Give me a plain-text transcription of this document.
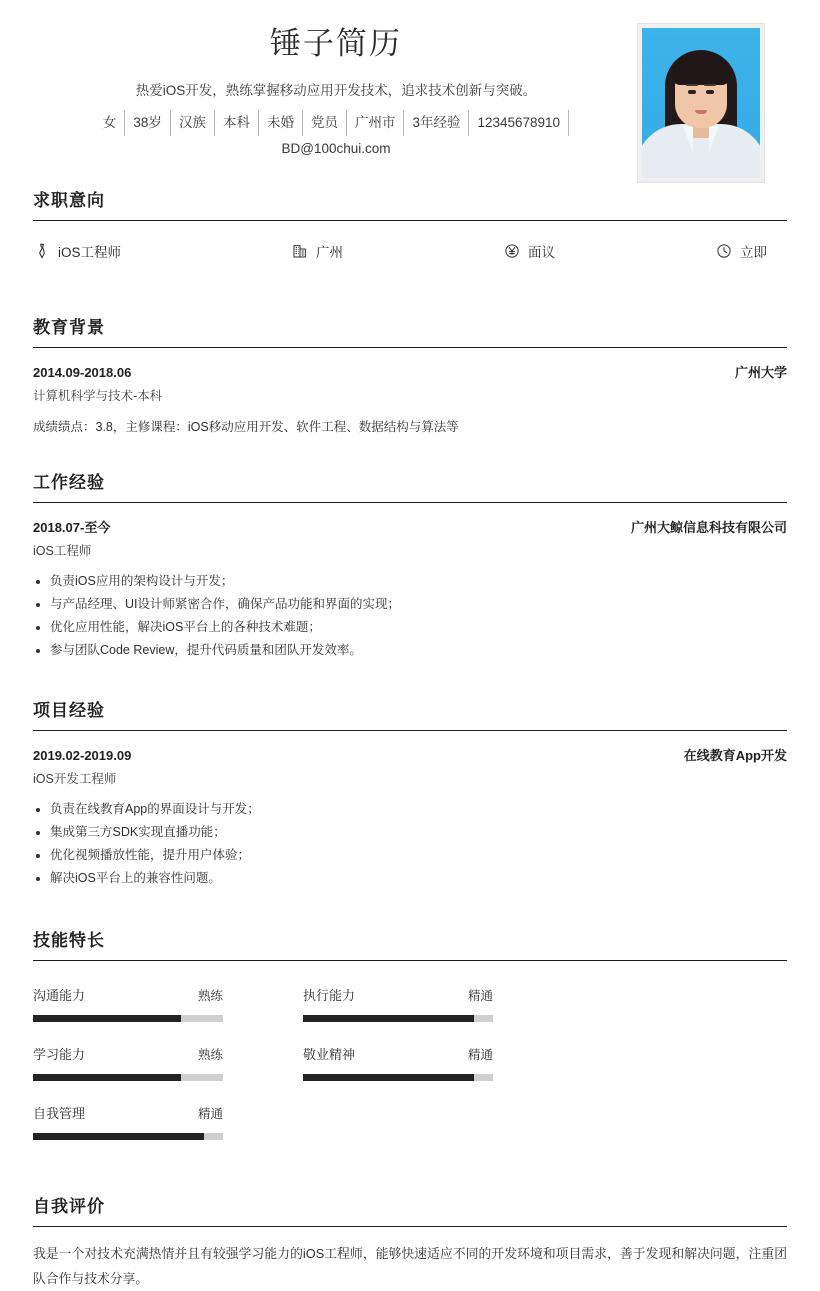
锤子简历
热爱iOS开发，熟练掌握移动应用开发技术，追求技术创新与突破。
女	38岁	汉族	本科	未婚	党员	广州市	3年经验	12345678910
BD@100chui.com
求职意向
iOS工程师	广州	面议	立即
教育背景
2014.09-2018.06	广州大学
计算机科学与技术-本科
成绩绩点：3.8，主修课程：iOS移动应用开发、软件工程、数据结构与算法等
工作经验
2018.07-至今	广州大鲸信息科技有限公司
iOS工程师
负责iOS应用的架构设计与开发；
与产品经理、UI设计师紧密合作，确保产品功能和界面的实现；
优化应用性能，解决iOS平台上的各种技术难题；
参与团队Code Review，提升代码质量和团队开发效率。
项目经验
2019.02-2019.09	在线教育App开发
iOS开发工程师
负责在线教育App的界面设计与开发；
集成第三方SDK实现直播功能；
优化视频播放性能，提升用户体验；
解决iOS平台上的兼容性问题。
技能特长
沟通能力	熟练	执行能力	精通
学习能力	熟练	敬业精神	精通
自我管理	精通
自我评价
我是一个对技术充满热情并且有较强学习能力的iOS工程师，能够快速适应不同的开发环境和项目需求，善于发现和解决问题，注重团队合作与技术分享。
